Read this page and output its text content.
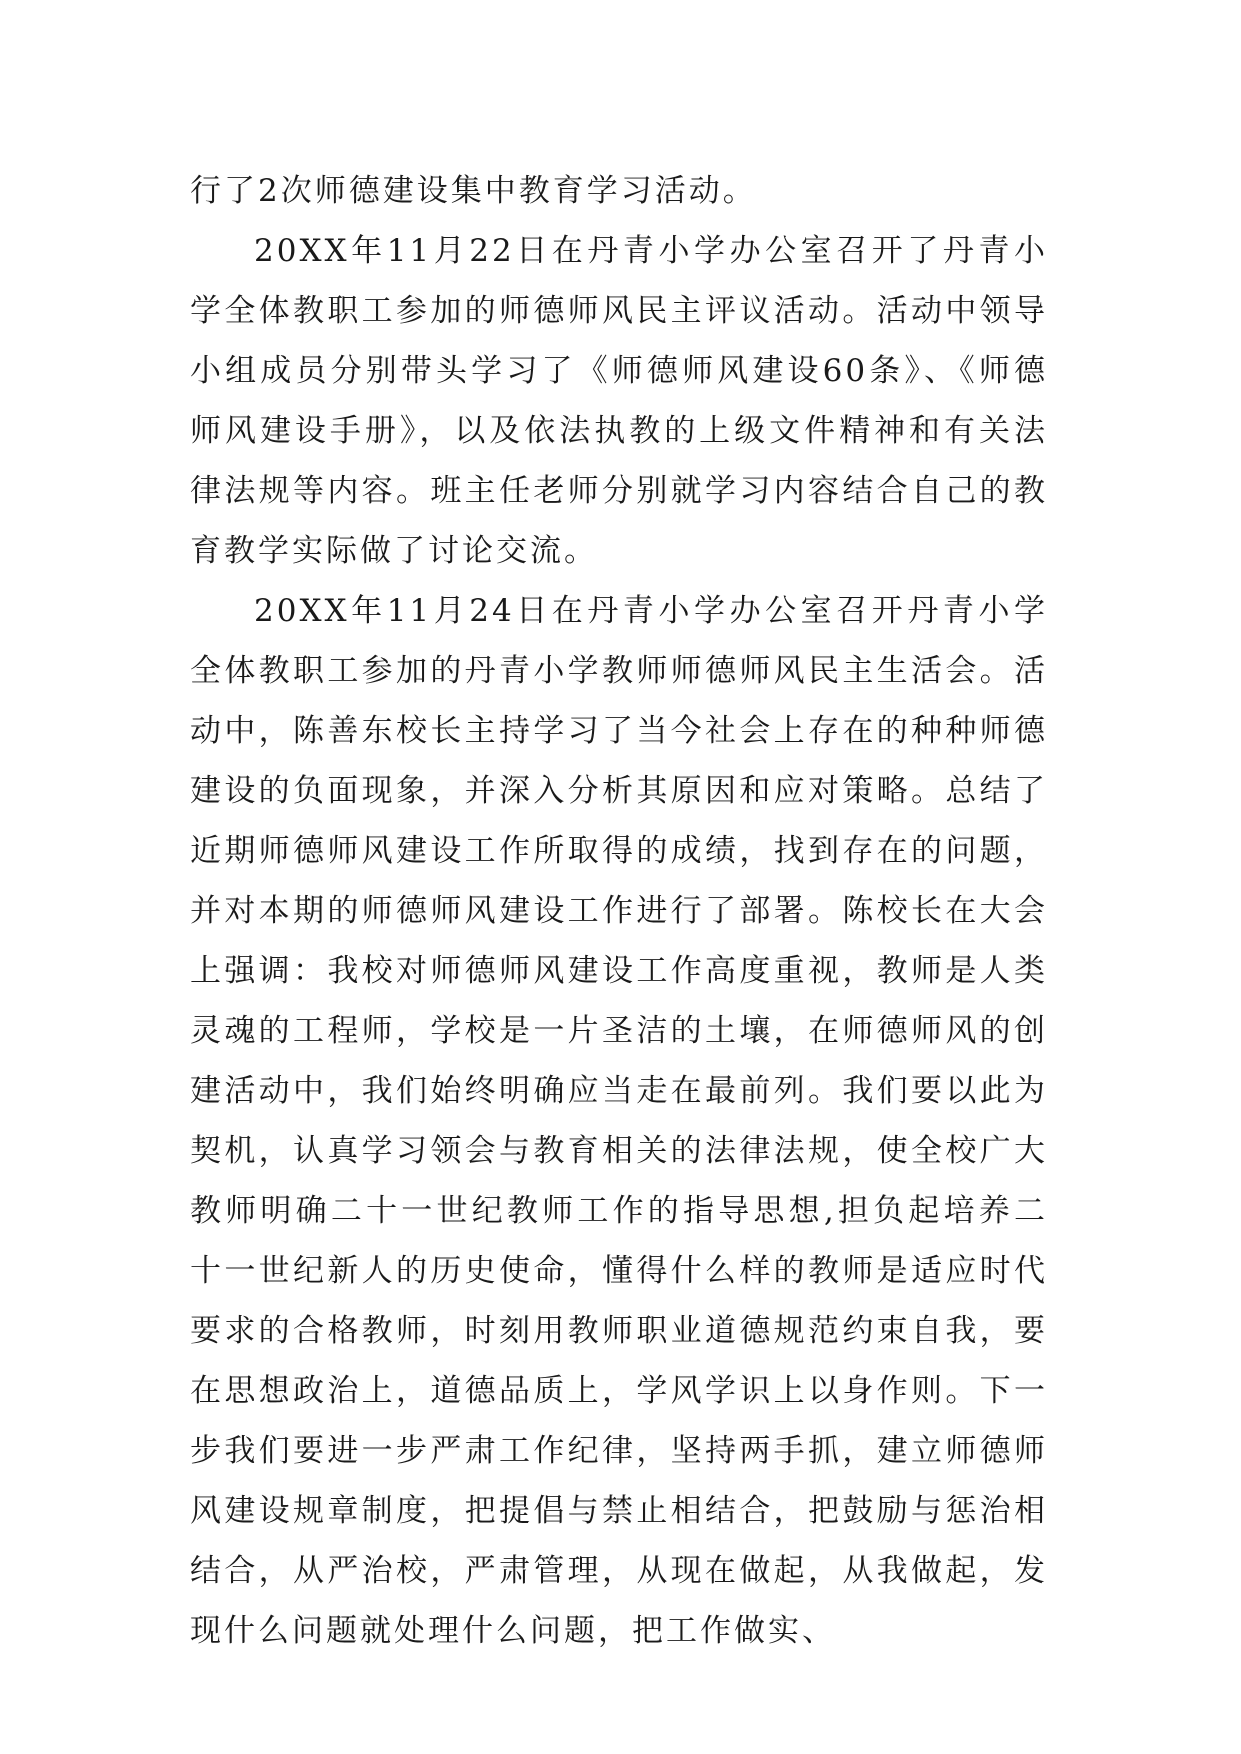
行了2次师德建设集中教育学习活动。

20XX年11月22日在丹青小学办公室召开了丹青小学全体教职工参加的师德师风民主评议活动。活动中领导小组成员分别带头学习了《师德师风建设60条》、《师德师风建设手册》，以及依法执教的上级文件精神和有关法律法规等内容。班主任老师分别就学习内容结合自己的教育教学实际做了讨论交流。

20XX年11月24日在丹青小学办公室召开丹青小学全体教职工参加的丹青小学教师师德师风民主生活会。活动中，陈善东校长主持学习了当今社会上存在的种种师德建设的负面现象，并深入分析其原因和应对策略。总结了近期师德师风建设工作所取得的成绩，找到存在的问题，并对本期的师德师风建设工作进行了部署。陈校长在大会上强调：我校对师德师风建设工作高度重视，教师是人类灵魂的工程师，学校是一片圣洁的土壤，在师德师风的创建活动中，我们始终明确应当走在最前列。我们要以此为契机，认真学习领会与教育相关的法律法规，使全校广大教师明确二十一世纪教师工作的指导思想,担负起培养二十一世纪新人的历史使命，懂得什么样的教师是适应时代要求的合格教师，时刻用教师职业道德规范约束自我，要在思想政治上，道德品质上，学风学识上以身作则。下一步我们要进一步严肃工作纪律，坚持两手抓，建立师德师风建设规章制度，把提倡与禁止相结合，把鼓励与惩治相结合，从严治校，严肃管理，从现在做起，从我做起，发现什么问题就处理什么问题，把工作做实、
